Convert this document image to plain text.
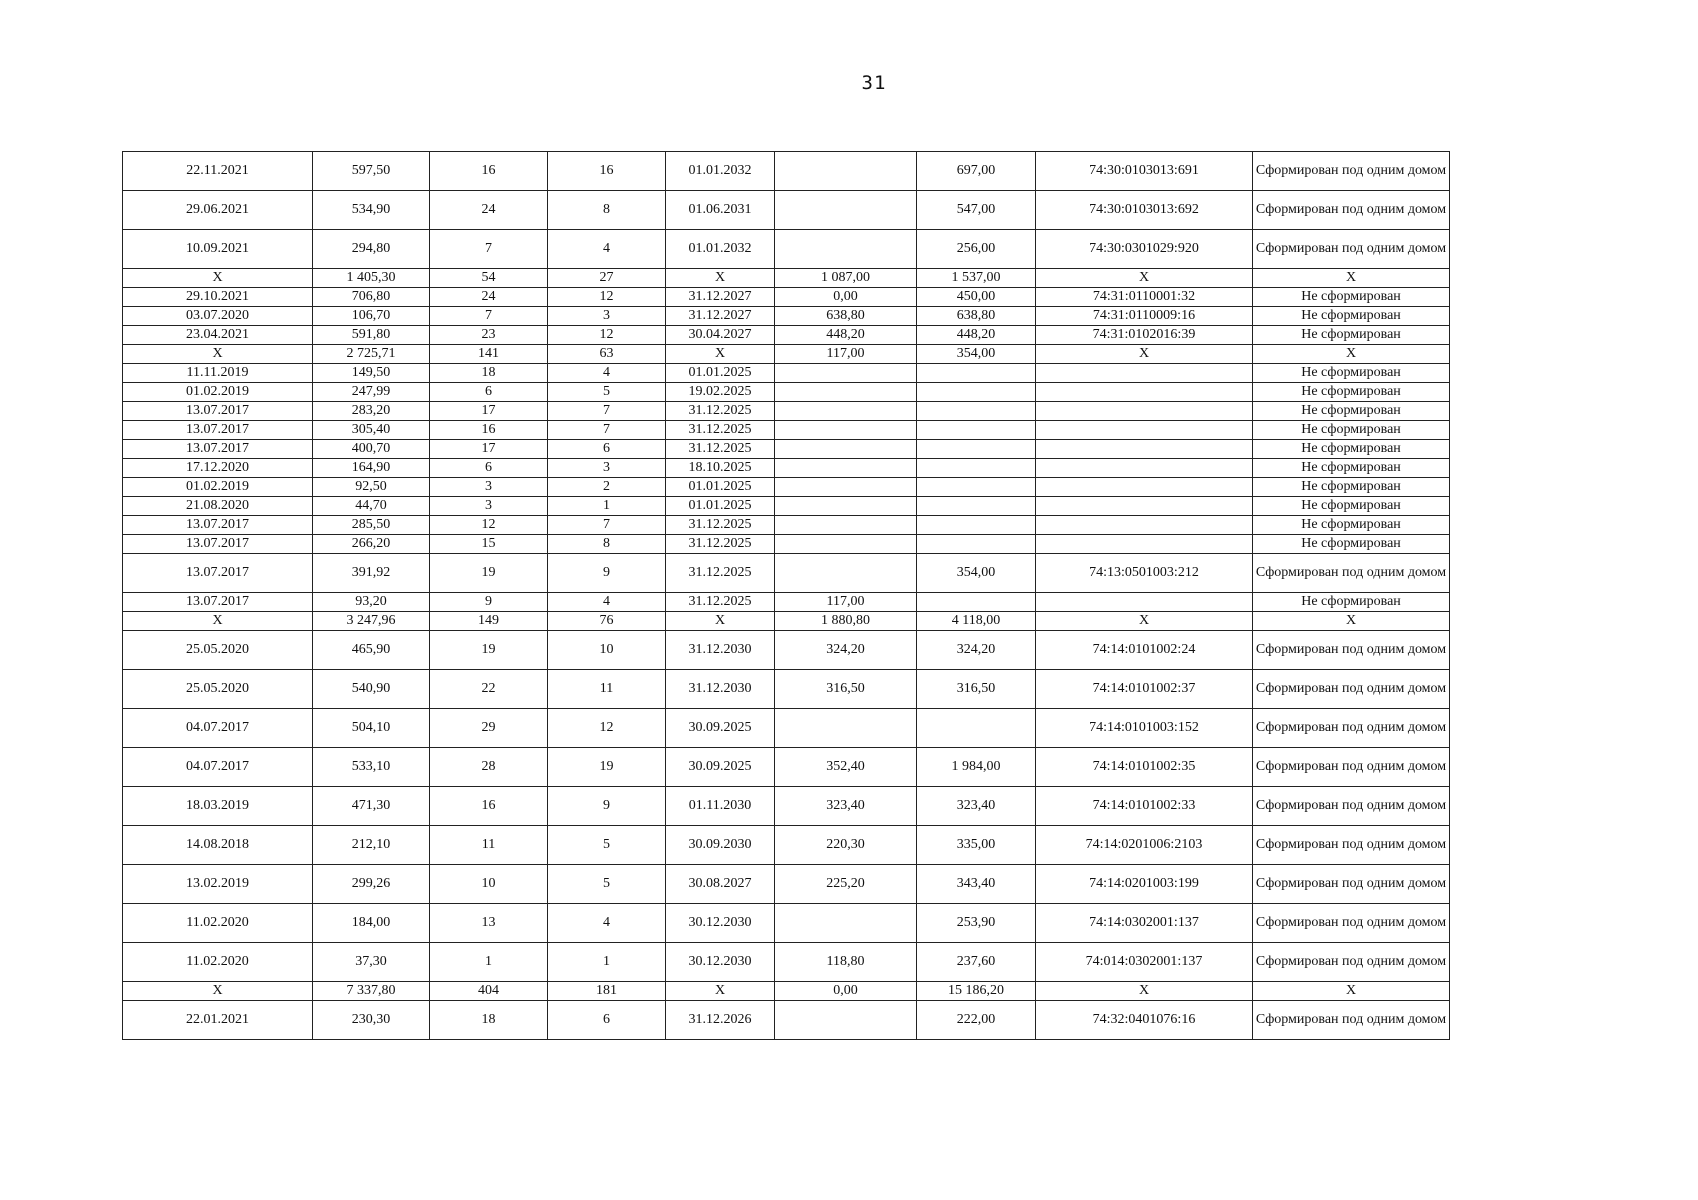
31
22.11.2021	597,50	16	16	01.01.2032		697,00	74:30:0103013:691	Сформирован под одним домом
29.06.2021	534,90	24	8	01.06.2031		547,00	74:30:0103013:692	Сформирован под одним домом
10.09.2021	294,80	7	4	01.01.2032		256,00	74:30:0301029:920	Сформирован под одним домом
X	1 405,30	54	27	X	1 087,00	1 537,00	X	X
29.10.2021	706,80	24	12	31.12.2027	0,00	450,00	74:31:0110001:32	Не сформирован
03.07.2020	106,70	7	3	31.12.2027	638,80	638,80	74:31:0110009:16	Не сформирован
23.04.2021	591,80	23	12	30.04.2027	448,20	448,20	74:31:0102016:39	Не сформирован
X	2 725,71	141	63	X	117,00	354,00	X	X
11.11.2019	149,50	18	4	01.01.2025				Не сформирован
01.02.2019	247,99	6	5	19.02.2025				Не сформирован
13.07.2017	283,20	17	7	31.12.2025				Не сформирован
13.07.2017	305,40	16	7	31.12.2025				Не сформирован
13.07.2017	400,70	17	6	31.12.2025				Не сформирован
17.12.2020	164,90	6	3	18.10.2025				Не сформирован
01.02.2019	92,50	3	2	01.01.2025				Не сформирован
21.08.2020	44,70	3	1	01.01.2025				Не сформирован
13.07.2017	285,50	12	7	31.12.2025				Не сформирован
13.07.2017	266,20	15	8	31.12.2025				Не сформирован
13.07.2017	391,92	19	9	31.12.2025		354,00	74:13:0501003:212	Сформирован под одним домом
13.07.2017	93,20	9	4	31.12.2025	117,00			Не сформирован
X	3 247,96	149	76	X	1 880,80	4 118,00	X	X
25.05.2020	465,90	19	10	31.12.2030	324,20	324,20	74:14:0101002:24	Сформирован под одним домом
25.05.2020	540,90	22	11	31.12.2030	316,50	316,50	74:14:0101002:37	Сформирован под одним домом
04.07.2017	504,10	29	12	30.09.2025			74:14:0101003:152	Сформирован под одним домом
04.07.2017	533,10	28	19	30.09.2025	352,40	1 984,00	74:14:0101002:35	Сформирован под одним домом
18.03.2019	471,30	16	9	01.11.2030	323,40	323,40	74:14:0101002:33	Сформирован под одним домом
14.08.2018	212,10	11	5	30.09.2030	220,30	335,00	74:14:0201006:2103	Сформирован под одним домом
13.02.2019	299,26	10	5	30.08.2027	225,20	343,40	74:14:0201003:199	Сформирован под одним домом
11.02.2020	184,00	13	4	30.12.2030		253,90	74:14:0302001:137	Сформирован под одним домом
11.02.2020	37,30	1	1	30.12.2030	118,80	237,60	74:014:0302001:137	Сформирован под одним домом
X	7 337,80	404	181	X	0,00	15 186,20	X	X
22.01.2021	230,30	18	6	31.12.2026		222,00	74:32:0401076:16	Сформирован под одним домом
